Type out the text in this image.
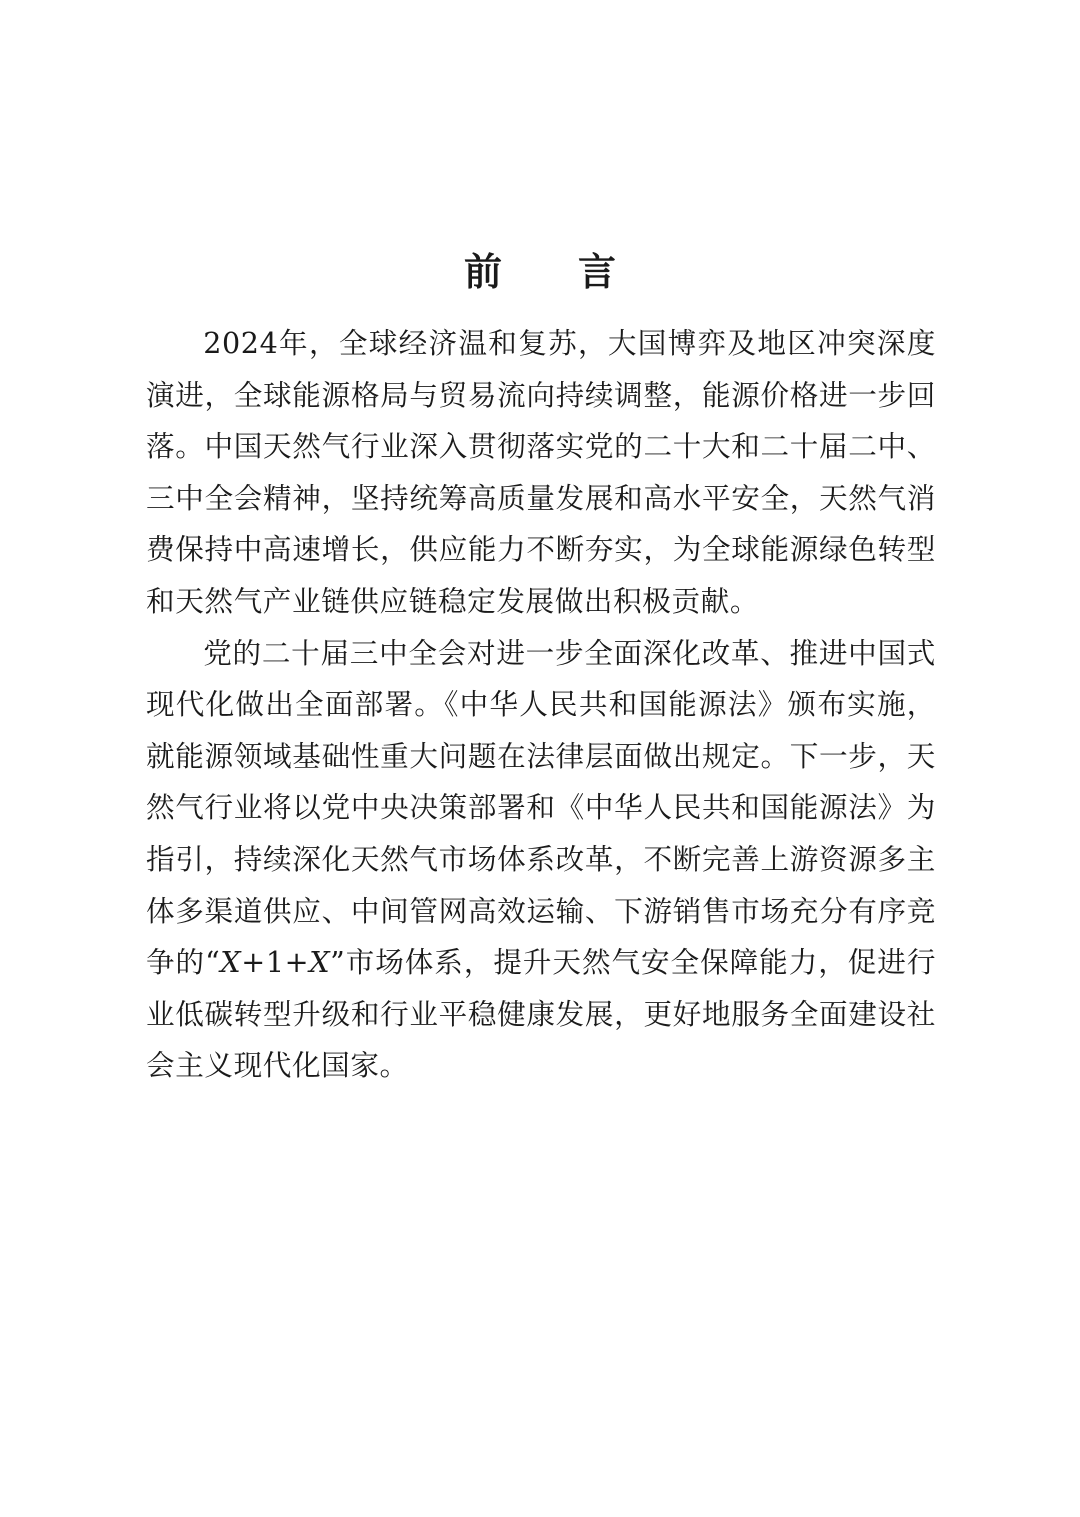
前 言

2024年，全球经济温和复苏，大国博弈及地区冲突深度演进，全球能源格局与贸易流向持续调整，能源价格进一步回落。中国天然气行业深入贯彻落实党的二十大和二十届二中、三中全会精神，坚持统筹高质量发展和高水平安全，天然气消费保持中高速增长，供应能力不断夯实，为全球能源绿色转型和天然气产业链供应链稳定发展做出积极贡献。

党的二十届三中全会对进一步全面深化改革、推进中国式现代化做出全面部署。《中华人民共和国能源法》颁布实施，就能源领域基础性重大问题在法律层面做出规定。下一步，天然气行业将以党中央决策部署和《中华人民共和国能源法》为指引，持续深化天然气市场体系改革，不断完善上游资源多主体多渠道供应、中间管网高效运输、下游销售市场充分有序竞争的“X+1+X”市场体系，提升天然气安全保障能力，促进行业低碳转型升级和行业平稳健康发展，更好地服务全面建设社会主义现代化国家。
